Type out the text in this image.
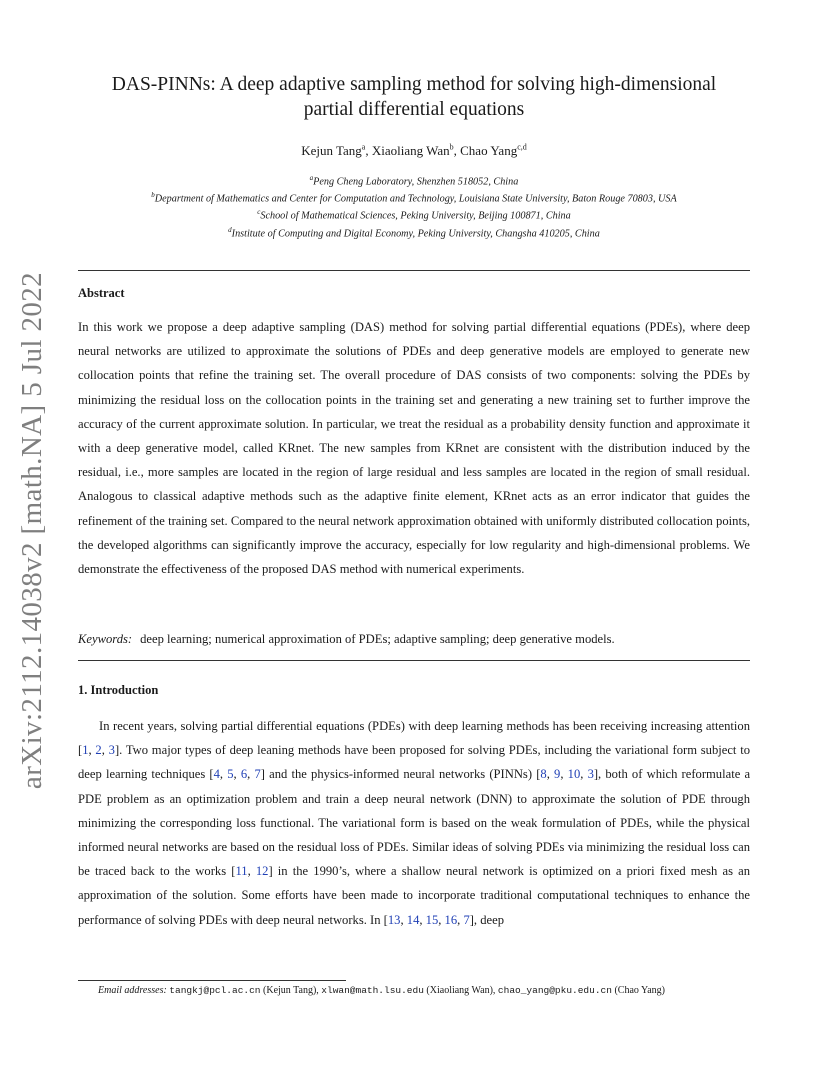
arXiv:2112.14038v2 [math.NA] 5 Jul 2022
DAS-PINNs: A deep adaptive sampling method for solving high-dimensional
partial differential equations
Kejun Tang$^a$, Xiaoliang Wan$^b$, Chao Yang$^{c,d}$
$^a$Peng Cheng Laboratory, Shenzhen 518052, China
$^b$Department of Mathematics and Center for Computation and Technology, Louisiana State University, Baton Rouge 70803, USA
$^c$School of Mathematical Sciences, Peking University, Beijing 100871, China
$^d$Institute of Computing and Digital Economy, Peking University, Changsha 410205, China
Abstract
In this work we propose a deep adaptive sampling (DAS) method for solving partial differential equations (PDEs), where deep neural networks are utilized to approximate the solutions of PDEs and deep generative models are employed to generate new collocation points that refine the training set. The overall procedure of DAS consists of two components: solving the PDEs by minimizing the residual loss on the collocation points in the training set and generating a new training set to further improve the accuracy of the current approximate solution. In particular, we treat the residual as a probability density function and approximate it with a deep generative model, called KRnet. The new samples from KRnet are consistent with the distribution induced by the residual, i.e., more samples are located in the region of large residual and less samples are located in the region of small residual. Analogous to classical adaptive methods such as the adaptive finite element, KRnet acts as an error indicator that guides the refinement of the training set. Compared to the neural network approximation obtained with uniformly distributed collocation points, the developed algorithms can significantly improve the accuracy, especially for low regularity and high-dimensional problems. We demonstrate the effectiveness of the proposed DAS method with numerical experiments.
Keywords: deep learning; numerical approximation of PDEs; adaptive sampling; deep generative models.
1. Introduction
In recent years, solving partial differential equations (PDEs) with deep learning methods has been receiving increasing attention [1, 2, 3]. Two major types of deep leaning methods have been proposed for solving PDEs, including the variational form subject to deep learning techniques [4, 5, 6, 7] and the physics-informed neural networks (PINNs) [8, 9, 10, 3], both of which reformulate a PDE problem as an optimization problem and train a deep neural network (DNN) to approximate the solution of PDE through minimizing the corresponding loss functional. The variational form is based on the weak formulation of PDEs, while the physical informed neural networks are based on the residual loss of PDEs. Similar ideas of solving PDEs via minimizing the residual loss can be traced back to the works [11, 12] in the 1990’s, where a shallow neural network is optimized on a priori fixed mesh as an approximation of the solution. Some efforts have been made to incorporate traditional computational techniques to enhance the performance of solving PDEs with deep neural networks. In [13, 14, 15, 16, 7], deep
Email addresses: tangkj@pcl.ac.cn (Kejun Tang), xlwan@math.lsu.edu (Xiaoliang Wan), chao_yang@pku.edu.cn (Chao Yang)
